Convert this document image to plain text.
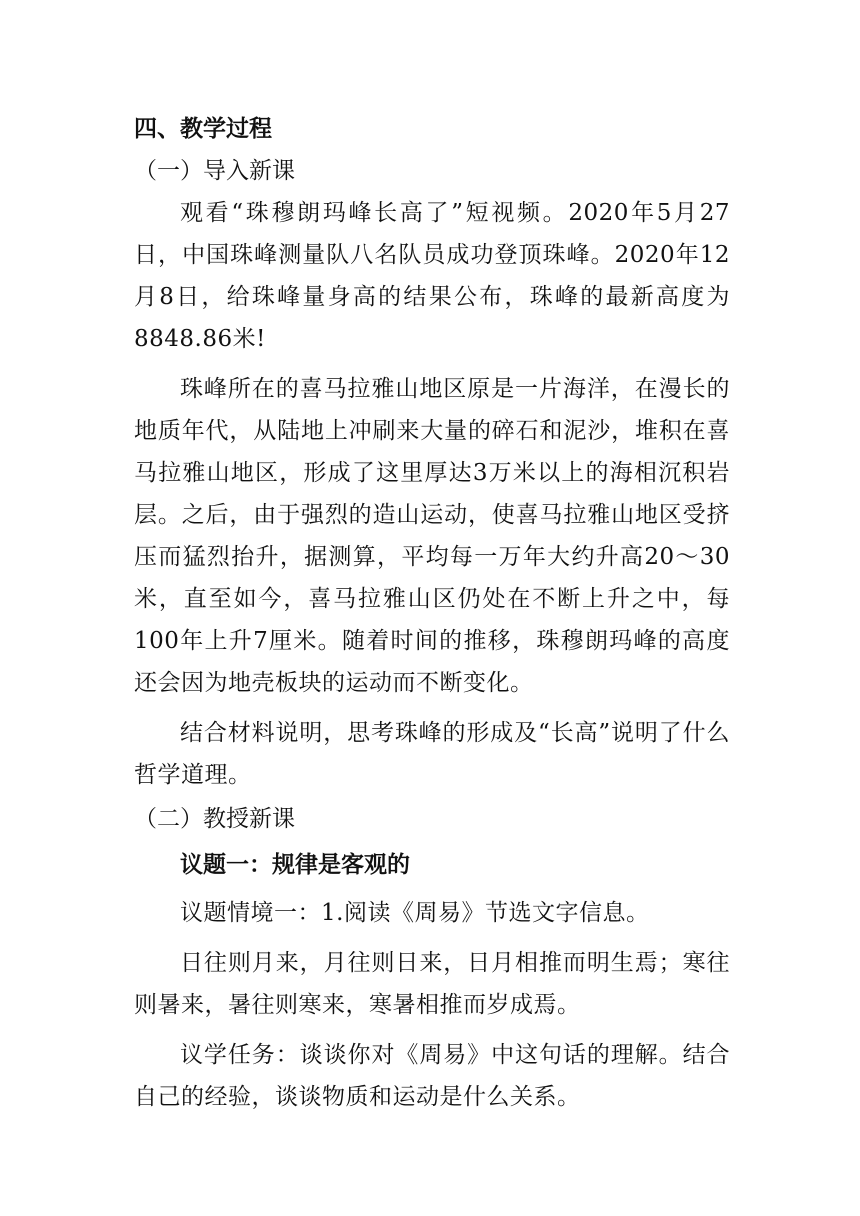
四、教学过程
（一）导入新课

观看“珠穆朗玛峰长高了”短视频。2020年5月27日，中国珠峰测量队八名队员成功登顶珠峰。2020年12月8日，给珠峰量身高的结果公布，珠峰的最新高度为8848.86米!

珠峰所在的喜马拉雅山地区原是一片海洋，在漫长的地质年代，从陆地上冲刷来大量的碎石和泥沙，堆积在喜马拉雅山地区，形成了这里厚达3万米以上的海相沉积岩层。之后，由于强烈的造山运动，使喜马拉雅山地区受挤压而猛烈抬升，据测算，平均每一万年大约升高20～30米，直至如今，喜马拉雅山区仍处在不断上升之中，每100年上升7厘米。随着时间的推移，珠穆朗玛峰的高度还会因为地壳板块的运动而不断变化。

结合材料说明，思考珠峰的形成及“长高”说明了什么哲学道理。

（二）教授新课
议题一：规律是客观的

议题情境一：1.阅读《周易》节选文字信息。

日往则月来，月往则日来，日月相推而明生焉；寒往则暑来，暑往则寒来，寒暑相推而岁成焉。

议学任务：谈谈你对《周易》中这句话的理解。结合自己的经验，谈谈物质和运动是什么关系。
